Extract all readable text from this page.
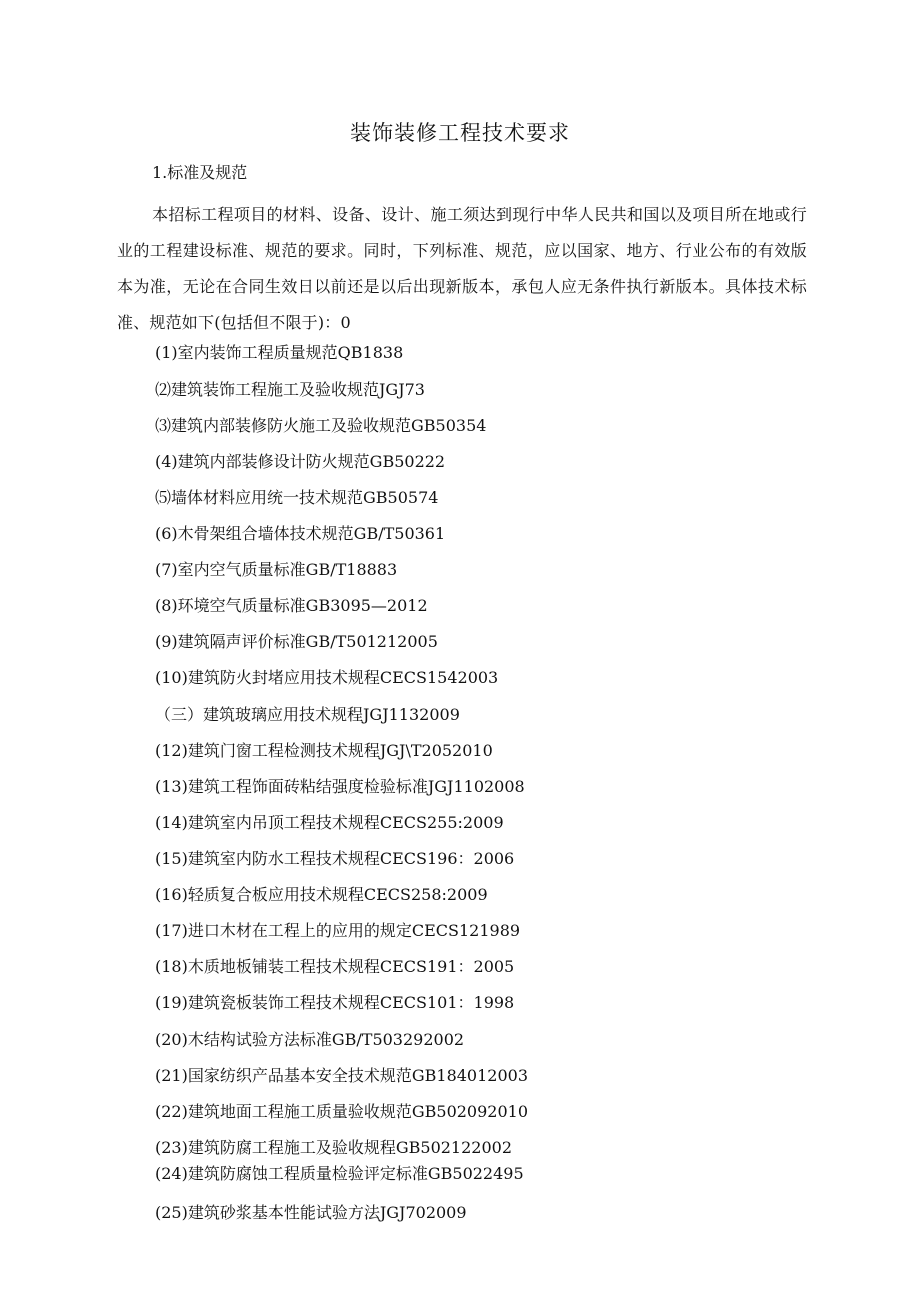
装饰装修工程技术要求
1.标准及规范
本招标工程项目的材料、设备、设计、施工须达到现行中华人民共和国以及项目所在地或行业的工程建设标准、规范的要求。同时，下列标准、规范，应以国家、地方、行业公布的有效版本为准，无论在合同生效日以前还是以后出现新版本，承包人应无条件执行新版本。具体技术标准、规范如下(包括但不限于)：0
(1)室内装饰工程质量规范QB1838
⑵建筑装饰工程施工及验收规范JGJ73
⑶建筑内部装修防火施工及验收规范GB50354
(4)建筑内部装修设计防火规范GB50222
⑸墙体材料应用统一技术规范GB50574
(6)木骨架组合墙体技术规范GB/T50361
(7)室内空气质量标准GB/T18883
(8)环境空气质量标准GB3095—2012
(9)建筑隔声评价标准GB/T501212005
(10)建筑防火封堵应用技术规程CECS1542003
（三）建筑玻璃应用技术规程JGJ1132009
(12)建筑门窗工程检测技术规程JGJ\T2052010
(13)建筑工程饰面砖粘结强度检验标准JGJ1102008
(14)建筑室内吊顶工程技术规程CECS255:2009
(15)建筑室内防水工程技术规程CECS196：2006
(16)轻质复合板应用技术规程CECS258:2009
(17)进口木材在工程上的应用的规定CECS121989
(18)木质地板铺装工程技术规程CECS191：2005
(19)建筑瓷板装饰工程技术规程CECS101：1998
(20)木结构试验方法标准GB/T503292002
(21)国家纺织产品基本安全技术规范GB184012003
(22)建筑地面工程施工质量验收规范GB502092010
(23)建筑防腐工程施工及验收规程GB502122002
(24)建筑防腐蚀工程质量检验评定标准GB5022495
(25)建筑砂浆基本性能试验方法JGJ702009
